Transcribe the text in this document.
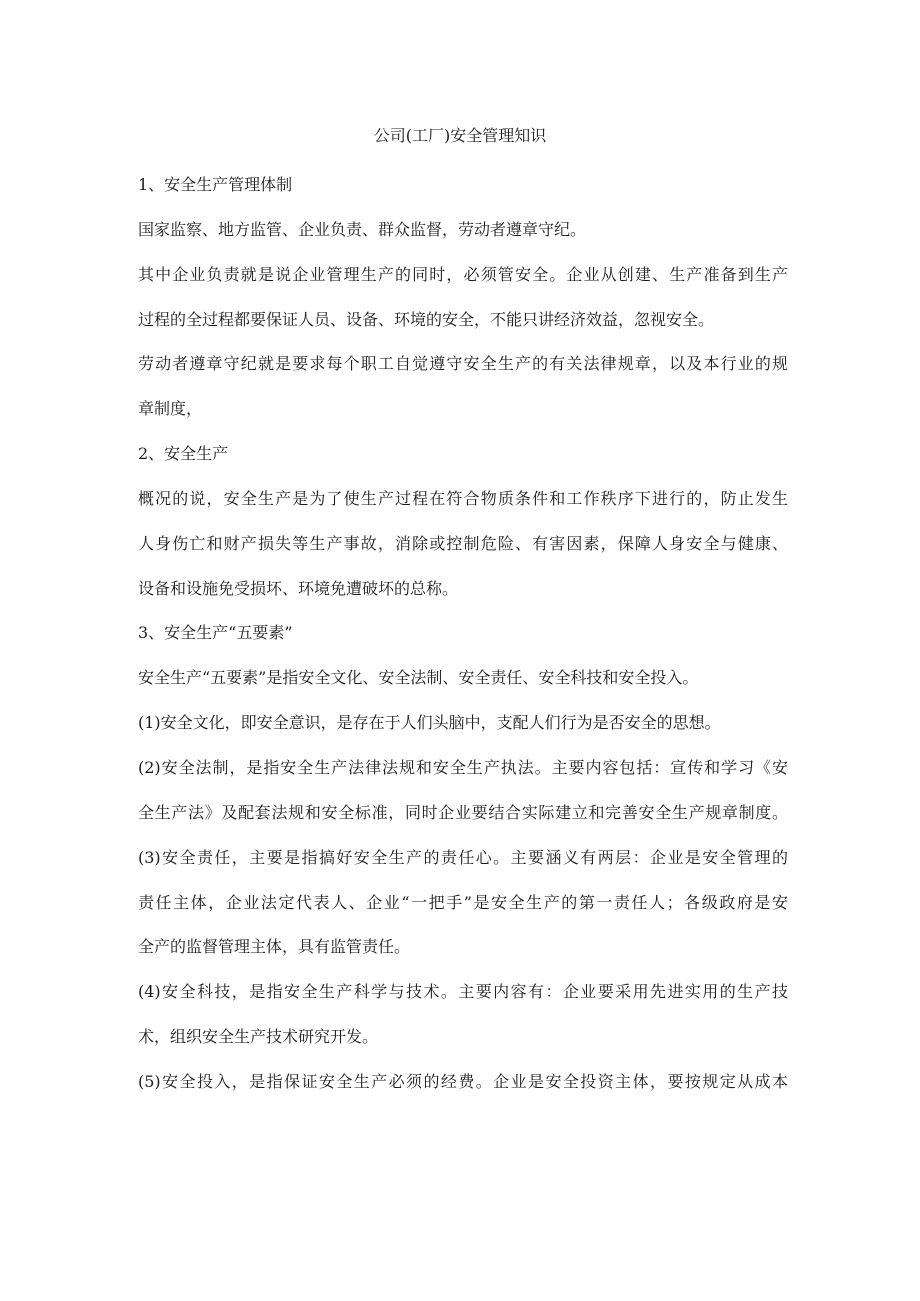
公司(工厂)安全管理知识
1、安全生产管理体制
国家监察、地方监管、企业负责、群众监督，劳动者遵章守纪。
其中企业负责就是说企业管理生产的同时，必须管安全。企业从创建、生产准备到生产
过程的全过程都要保证人员、设备、环境的安全，不能只讲经济效益，忽视安全。
劳动者遵章守纪就是要求每个职工自觉遵守安全生产的有关法律规章，以及本行业的规
章制度，
2、安全生产
概况的说，安全生产是为了使生产过程在符合物质条件和工作秩序下进行的，防止发生
人身伤亡和财产损失等生产事故，消除或控制危险、有害因素，保障人身安全与健康、
设备和设施免受损坏、环境免遭破坏的总称。
3、安全生产“五要素”
安全生产“五要素”是指安全文化、安全法制、安全责任、安全科技和安全投入。
(1)安全文化，即安全意识，是存在于人们头脑中，支配人们行为是否安全的思想。
(2)安全法制，是指安全生产法律法规和安全生产执法。主要内容包括：宣传和学习《安
全生产法》及配套法规和安全标准，同时企业要结合实际建立和完善安全生产规章制度。
(3)安全责任，主要是指搞好安全生产的责任心。主要涵义有两层：企业是安全管理的
责任主体，企业法定代表人、企业“一把手”是安全生产的第一责任人；各级政府是安
全产的监督管理主体，具有监管责任。
(4)安全科技，是指安全生产科学与技术。主要内容有：企业要采用先进实用的生产技
术，组织安全生产技术研究开发。
(5)安全投入，是指保证安全生产必须的经费。企业是安全投资主体，要按规定从成本
